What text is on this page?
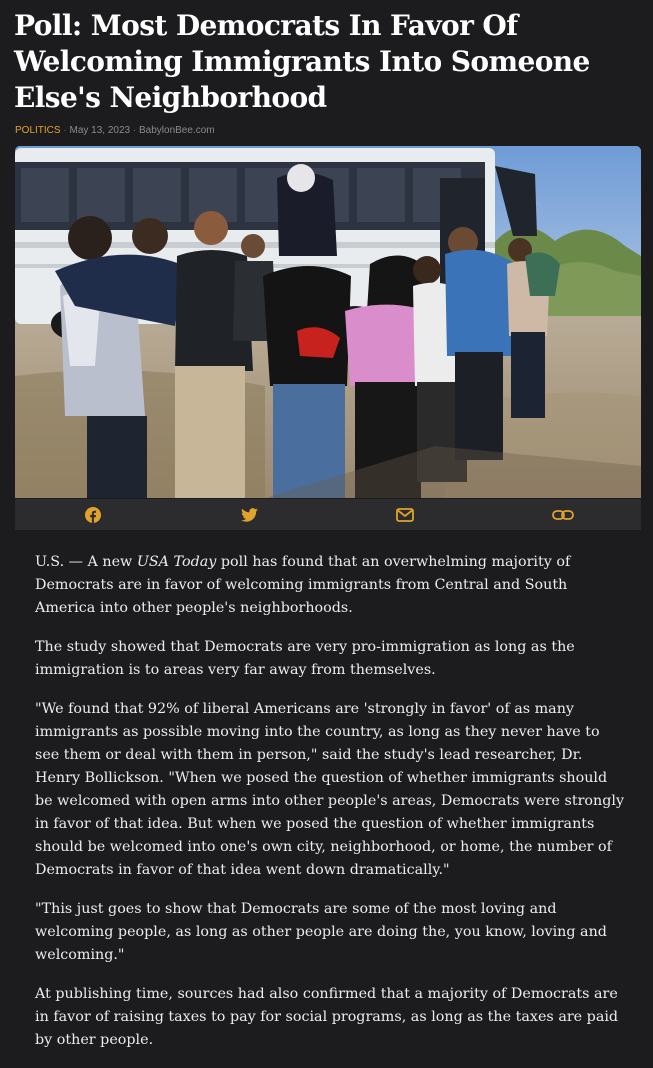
Poll: Most Democrats In Favor Of Welcoming Immigrants Into Someone Else's Neighborhood
POLITICS · May 13, 2023 · BabylonBee.com

U.S. — A new USA Today poll has found that an overwhelming majority of Democrats are in favor of welcoming immigrants from Central and South America into other people's neighborhoods.

The study showed that Democrats are very pro-immigration as long as the immigration is to areas very far away from themselves.

"We found that 92% of liberal Americans are 'strongly in favor' of as many immigrants as possible moving into the country, as long as they never have to see them or deal with them in person," said the study's lead researcher, Dr. Henry Bollickson. "When we posed the question of whether immigrants should be welcomed with open arms into other people's areas, Democrats were strongly in favor of that idea. But when we posed the question of whether immigrants should be welcomed into one's own city, neighborhood, or home, the number of Democrats in favor of that idea went down dramatically."

"This just goes to show that Democrats are some of the most loving and welcoming people, as long as other people are doing the, you know, loving and welcoming."

At publishing time, sources had also confirmed that a majority of Democrats are in favor of raising taxes to pay for social programs, as long as the taxes are paid by other people.
